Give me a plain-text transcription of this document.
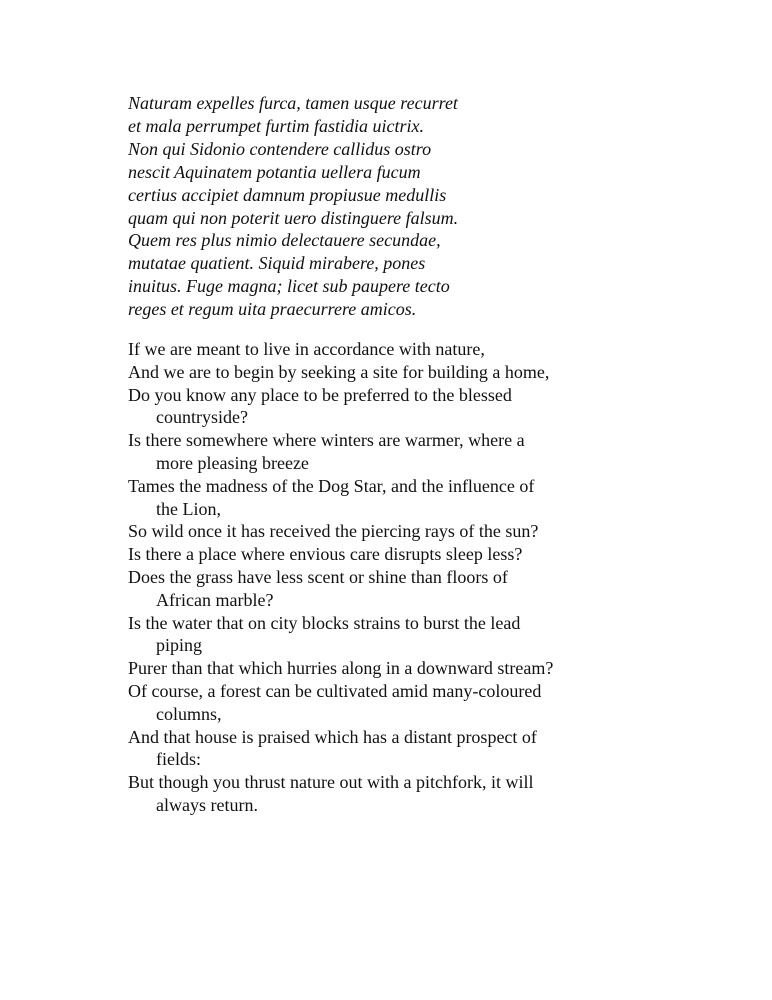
Naturam expelles furca, tamen usque recurret
et mala perrumpet furtim fastidia uictrix.
Non qui Sidonio contendere callidus ostro
nescit Aquinatem potantia uellera fucum
certius accipiet damnum propiusue medullis
quam qui non poterit uero distinguere falsum.
Quem res plus nimio delectauere secundae,
mutatae quatient. Siquid mirabere, pones
inuitus. Fuge magna; licet sub paupere tecto
reges et regum uita praecurrere amicos.
If we are meant to live in accordance with nature,
And we are to begin by seeking a site for building a home,
Do you know any place to be preferred to the blessed countryside?
Is there somewhere where winters are warmer, where a more pleasing breeze
Tames the madness of the Dog Star, and the influence of the Lion,
So wild once it has received the piercing rays of the sun?
Is there a place where envious care disrupts sleep less?
Does the grass have less scent or shine than floors of African marble?
Is the water that on city blocks strains to burst the lead piping
Purer than that which hurries along in a downward stream?
Of course, a forest can be cultivated amid many-coloured columns,
And that house is praised which has a distant prospect of fields:
But though you thrust nature out with a pitchfork, it will always return.
